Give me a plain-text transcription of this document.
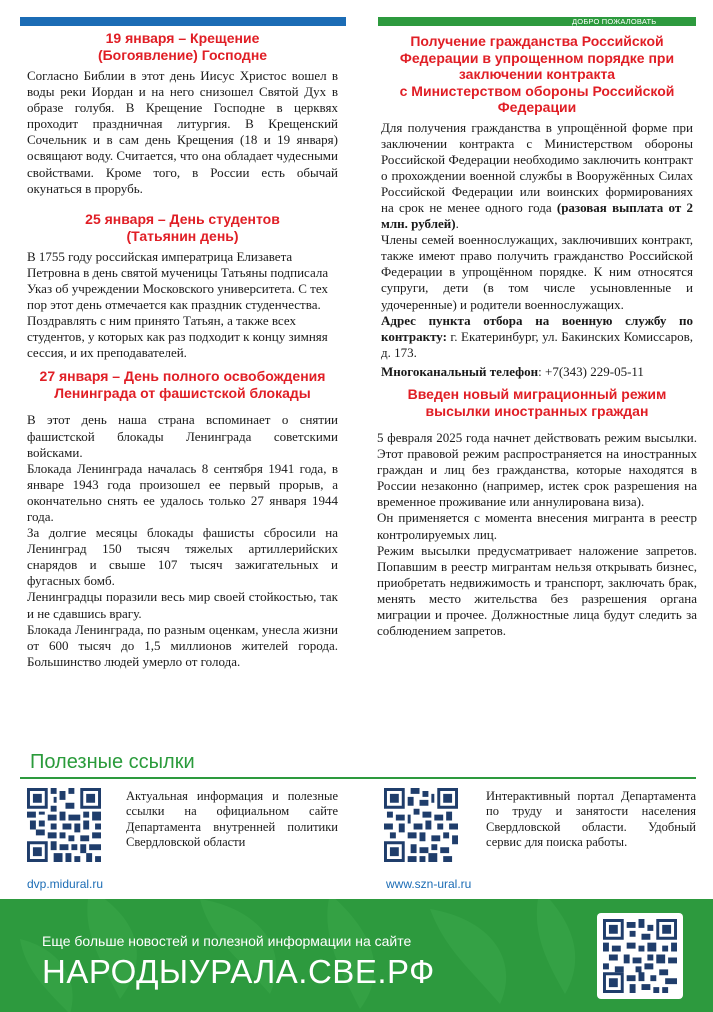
ДОБРО ПОЖАЛОВАТЬ
19 января – Крещение
(Богоявление) Господне

Согласно Библии в этот день Иисус Христос вошел в воды реки Иордан и на него снизошел Святой Дух в образе голубя. В Крещение Господне в церквях проходит праздничная литургия. В Крещенский Сочельник и в сам день Крещения (18 и 19 января) освящают воду. Считается, что она обладает чудесными свойствами. Кроме того, в России есть обычай окунаться в прорубь.

25 января – День студентов
(Татьянин день)

В 1755 году российская императрица Елизавета Петровна в день святой мученицы Татьяны подписала Указ об учреждении Московского университета. С тех пор этот день отмечается как праздник студенчества.

Поздравлять с ним принято Татьян, а также всех студентов, у которых как раз подходит к концу зимняя сессия, и их преподавателей.

27 января – День полного освобождения
Ленинграда от фашистской блокады

В этот день наша страна вспоминает о снятии фашистской блокады Ленинграда советскими войсками.

Блокада Ленинграда началась 8 сентября 1941 года, в январе 1943 года произошел ее первый прорыв, а окончательно снять ее удалось только 27 января 1944 года.

За долгие месяцы блокады фашисты сбросили на Ленинград 150 тысяч тяжелых артиллерийских снарядов и свыше 107 тысяч зажигательных и фугасных бомб.

Ленинградцы поразили весь мир своей стойкостью, так и не сдавшись врагу.

Блокада Ленинграда, по разным оценкам, унесла жизни от 600 тысяч до 1,5 миллионов жителей города. Большинство людей умерло от голода.

Получение гражданства Российской
Федерации в упрощенном порядке при
заключении контракта
с Министерством обороны Российской
Федерации

Для получения гражданства в упрощённой форме при заключении контракта с Министерством обороны Российской Федерации необходимо заключить контракт о прохождении военной службы в Вооружённых Силах Российской Федерации или воинских формированиях на срок не менее одного года (разовая выплата от 2 млн. рублей).

Члены семей военнослужащих, заключивших контракт, также имеют право получить гражданство Российской Федерации в упрощённом порядке. К ним относятся супруги, дети (в том числе усыновленные и удочеренные) и родители военнослужащих.

Адрес пункта отбора на военную службу по контракту: г. Екатеринбург, ул. Бакинских Комиссаров, д. 173.

Многоканальный телефон: +7(343) 229-05-11

Введен новый миграционный режим
высылки иностранных граждан

5 февраля 2025 года начнет действовать режим высылки. Этот правовой режим распространяется на иностранных граждан и лиц без гражданства, которые находятся в России незаконно (например, истек срок разрешения на временное проживание или аннулирована виза).

Он применяется с момента внесения мигранта в реестр контролируемых лиц.

Режим высылки предусматривает наложение запретов. Попавшим в реестр мигрантам нельзя открывать бизнес, приобретать недвижимость и транспорт, заключать брак, менять место жительства без разрешения органа миграции и прочее. Должностные лица будут следить за соблюдением запретов.

Полезные ссылки

Актуальная информация и полезные ссылки на официальном сайте Департамента внутренней политики Свердловской области

dvp.midural.ru

Интерактивный портал Департамента по труду и занятости населения Свердловской области. Удобный сервис для поиска работы.

www.szn-ural.ru
Еще больше новостей и полезной информации на сайте
НАРОДЫУРАЛА.СВЕ.РФ
